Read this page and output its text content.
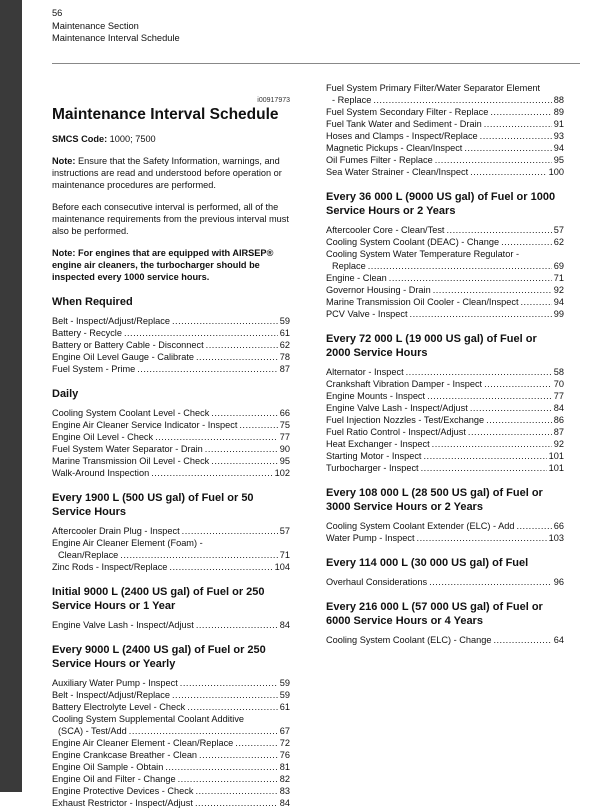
56
Maintenance Section
Maintenance Interval Schedule
i00917973
Maintenance Interval Schedule

SMCS Code: 1000; 7500

Note: Ensure that the Safety Information, warnings, and instructions are read and understood before operation or maintenance procedures are performed.

Before each consecutive interval is performed, all of the maintenance requirements from the previous interval must also be performed.

Note: For engines that are equipped with AIRSEP® engine air cleaners, the turbocharger should be inspected every 1000 service hours.

When Required
Belt - Inspect/Adjust/Replace .....	59
Battery - Recycle .....	61
Battery or Battery Cable - Disconnect .....	62
Engine Oil Level Gauge - Calibrate .....	78
Fuel System - Prime .....	87
Daily
Cooling System Coolant Level - Check .....	66
Engine Air Cleaner Service Indicator - Inspect .....	75
Engine Oil Level - Check .....	77
Fuel System Water Separator - Drain .....	90
Marine Transmission Oil Level - Check .....	95
Walk-Around Inspection .....	102
Every 1900 L (500 US gal) of Fuel or 50 Service Hours
Aftercooler Drain Plug - Inspect .....	57
Engine Air Cleaner Element (Foam) -
Clean/Replace .....	71
Zinc Rods - Inspect/Replace .....	104
Initial 9000 L (2400 US gal) of Fuel or 250 Service Hours or 1 Year
Engine Valve Lash - Inspect/Adjust .....	84
Every 9000 L (2400 US gal) of Fuel or 250 Service Hours or Yearly
Auxiliary Water Pump - Inspect .....	59
Belt - Inspect/Adjust/Replace .....	59
Battery Electrolyte Level - Check .....	61
Cooling System Supplemental Coolant Additive
(SCA) - Test/Add .....	67
Engine Air Cleaner Element - Clean/Replace .....	72
Engine Crankcase Breather - Clean .....	76
Engine Oil Sample - Obtain .....	81
Engine Oil and Filter - Change .....	82
Engine Protective Devices - Check .....	83
Exhaust Restrictor - Inspect/Adjust .....	84
Fuel System Primary Filter/Water Separator Element
- Replace .....	88
Fuel System Secondary Filter - Replace .....	89
Fuel Tank Water and Sediment - Drain .....	91
Hoses and Clamps - Inspect/Replace .....	93
Magnetic Pickups - Clean/Inspect .....	94
Oil Fumes Filter - Replace .....	95
Sea Water Strainer - Clean/Inspect .....	100
Every 36 000 L (9000 US gal) of Fuel or 1000 Service Hours or 2 Years
Aftercooler Core - Clean/Test .....	57
Cooling System Coolant (DEAC) - Change .....	62
Cooling System Water Temperature Regulator -
Replace .....	69
Engine - Clean .....	71
Governor Housing - Drain .....	92
Marine Transmission Oil Cooler - Clean/Inspect .....	94
PCV Valve - Inspect .....	99
Every 72 000 L (19 000 US gal) of Fuel or 2000 Service Hours
Alternator - Inspect .....	58
Crankshaft Vibration Damper - Inspect .....	70
Engine Mounts - Inspect .....	77
Engine Valve Lash - Inspect/Adjust .....	84
Fuel Injection Nozzles - Test/Exchange .....	86
Fuel Ratio Control - Inspect/Adjust .....	87
Heat Exchanger - Inspect .....	92
Starting Motor - Inspect .....	101
Turbocharger - Inspect .....	101
Every 108 000 L (28 500 US gal) of Fuel or 3000 Service Hours or 2 Years
Cooling System Coolant Extender (ELC) - Add .....	66
Water Pump - Inspect .....	103
Every 114 000 L (30 000 US gal) of Fuel
Overhaul Considerations .....	96
Every 216 000 L (57 000 US gal) of Fuel or 6000 Service Hours or 4 Years
Cooling System Coolant (ELC) - Change .....	64
